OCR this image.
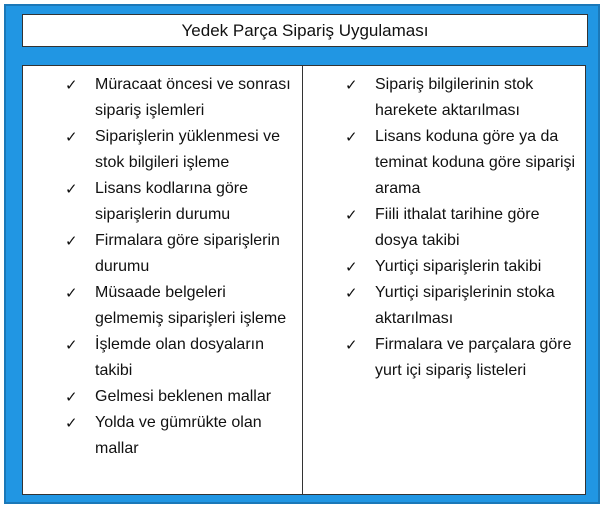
Yedek Parça Sipariş Uygulaması
✓ Müracaat öncesi ve sonrası sipariş işlemleri
✓ Siparişlerin yüklenmesi ve stok bilgileri işleme
✓ Lisans kodlarına göre siparişlerin durumu
✓ Firmalara göre siparişlerin durumu
✓ Müsaade belgeleri gelmemiş siparişleri işleme
✓ İşlemde olan dosyaların takibi
✓ Gelmesi beklenen mallar
✓ Yolda ve gümrükte olan mallar
✓ Sipariş bilgilerinin stok harekete aktarılması
✓ Lisans koduna göre ya da teminat koduna göre siparişi arama
✓ Fiili ithalat tarihine göre dosya takibi
✓ Yurtiçi siparişlerin takibi
✓ Yurtiçi siparişlerinin stoka aktarılması
✓ Firmalara ve parçalara göre yurt içi sipariş listeleri
